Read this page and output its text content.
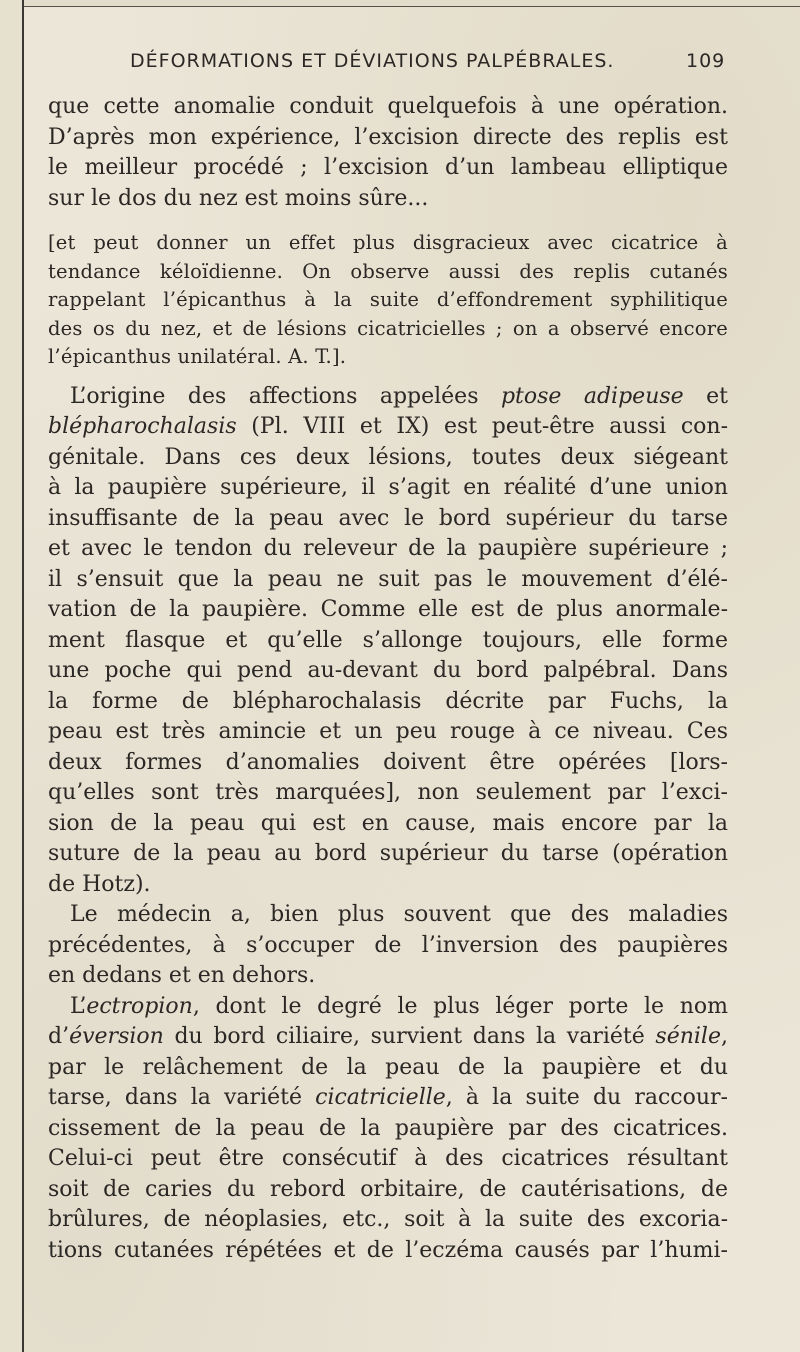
DÉFORMATIONS ET DÉVIATIONS PALPÉBRALES.	109
que cette anomalie conduit quelquefois à une opération.
D’après mon expérience, l’excision directe des replis est
le meilleur procédé ; l’excision d’un lambeau elliptique
sur le dos du nez est moins sûre...
[et peut donner un effet plus disgracieux avec cicatrice à
tendance kéloïdienne. On observe aussi des replis cutanés
rappelant l’épicanthus à la suite d’effondrement syphilitique
des os du nez, et de lésions cicatricielles ; on a observé encore
l’épicanthus unilatéral. A. T.].
L’origine des affections appelées ptose adipeuse et
blépharochalasis (Pl. VIII et IX) est peut-être aussi con-
génitale. Dans ces deux lésions, toutes deux siégeant
à la paupière supérieure, il s’agit en réalité d’une union
insuffisante de la peau avec le bord supérieur du tarse
et avec le tendon du releveur de la paupière supérieure ;
il s’ensuit que la peau ne suit pas le mouvement d’élé-
vation de la paupière. Comme elle est de plus anormale-
ment flasque et qu’elle s’allonge toujours, elle forme
une poche qui pend au-devant du bord palpébral. Dans
la forme de blépharochalasis décrite par Fuchs, la
peau est très amincie et un peu rouge à ce niveau. Ces
deux formes d’anomalies doivent être opérées [lors-
qu’elles sont très marquées], non seulement par l’exci-
sion de la peau qui est en cause, mais encore par la
suture de la peau au bord supérieur du tarse (opération
de Hotz).
Le médecin a, bien plus souvent que des maladies
précédentes, à s’occuper de l’inversion des paupières
en dedans et en dehors.
L’ectropion, dont le degré le plus léger porte le nom
d’éversion du bord ciliaire, survient dans la variété sénile,
par le relâchement de la peau de la paupière et du
tarse, dans la variété cicatricielle, à la suite du raccour-
cissement de la peau de la paupière par des cicatrices.
Celui-ci peut être consécutif à des cicatrices résultant
soit de caries du rebord orbitaire, de cautérisations, de
brûlures, de néoplasies, etc., soit à la suite des excoria-
tions cutanées répétées et de l’eczéma causés par l’humi-
